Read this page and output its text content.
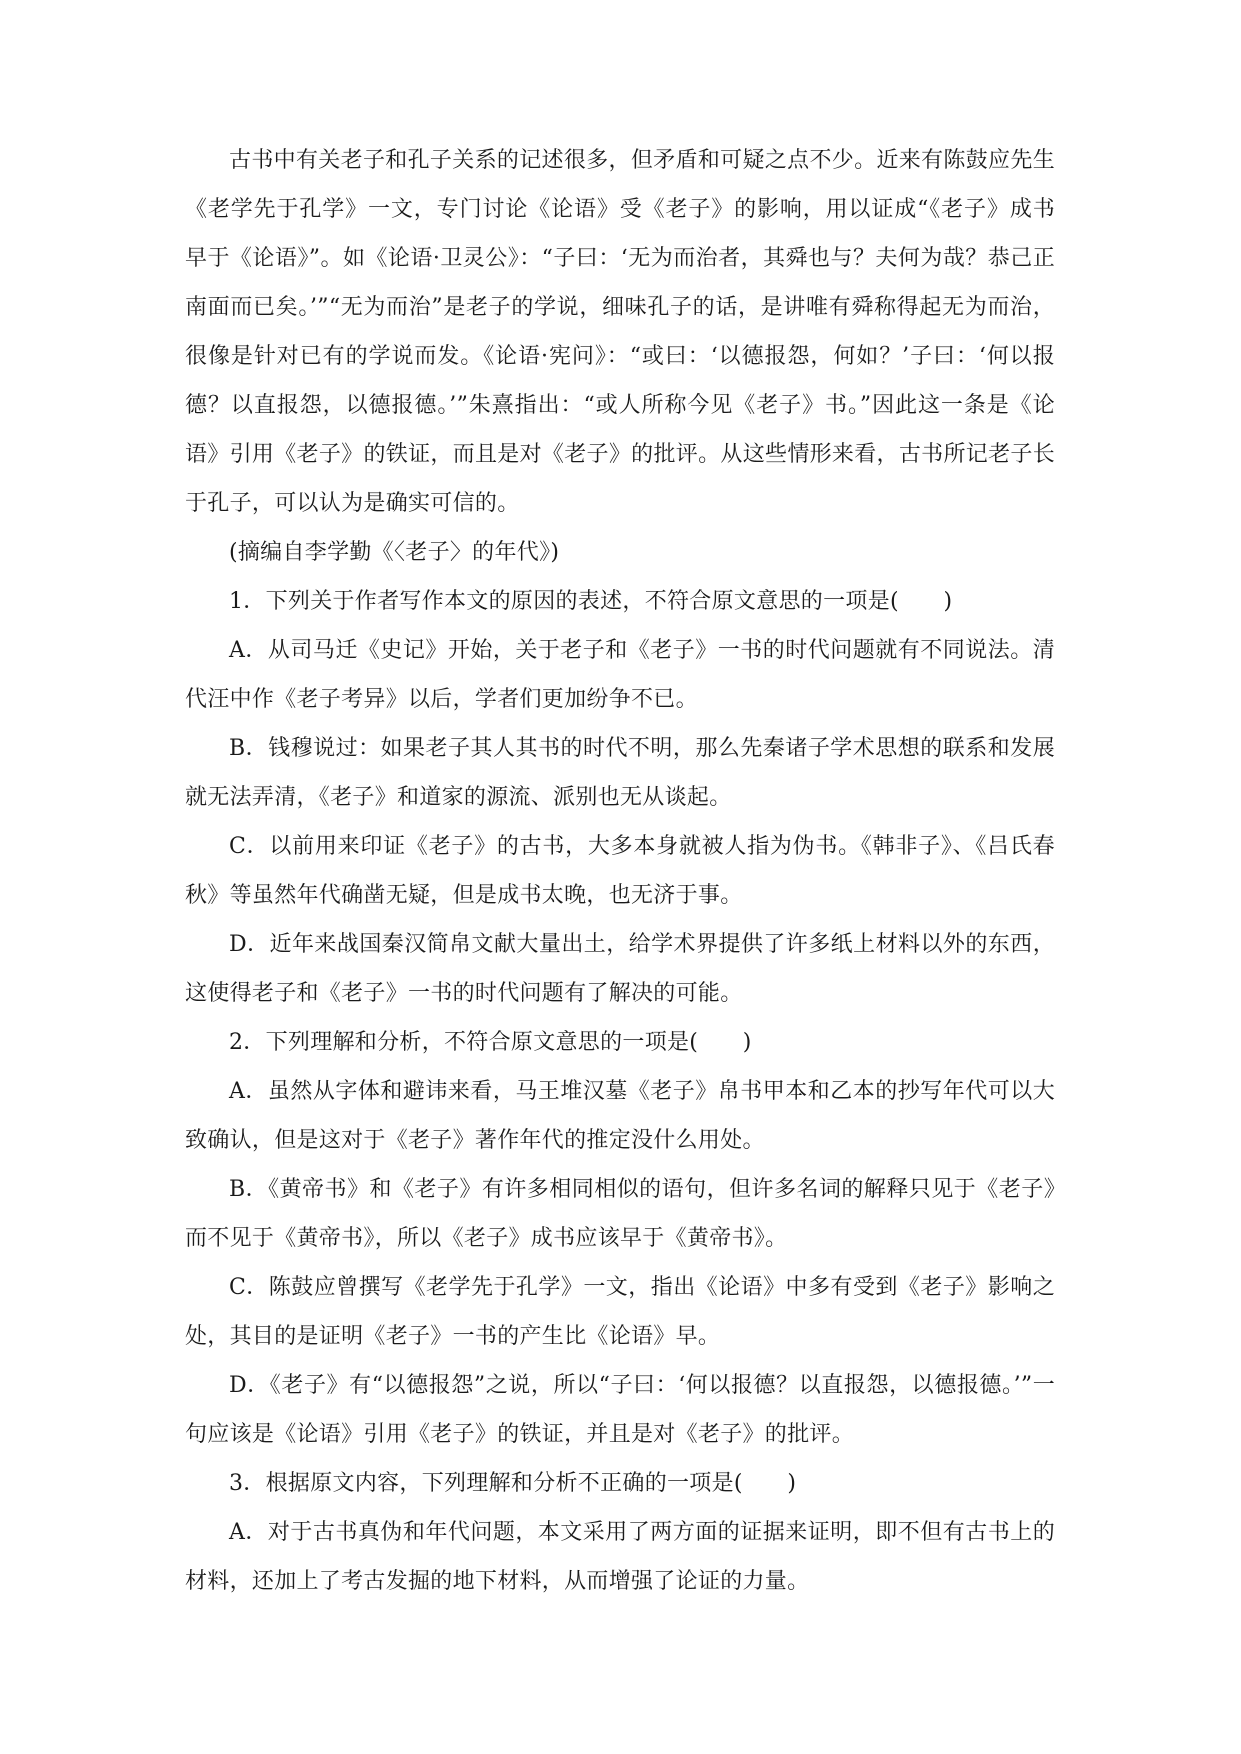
古书中有关老子和孔子关系的记述很多，但矛盾和可疑之点不少。近来有陈鼓应先生《老学先于孔学》一文，专门讨论《论语》受《老子》的影响，用以证成“《老子》成书早于《论语》”。如《论语·卫灵公》：“子曰：‘无为而治者，其舜也与？夫何为哉？恭己正南面而已矣。’”“无为而治”是老子的学说，细味孔子的话，是讲唯有舜称得起无为而治，很像是针对已有的学说而发。《论语·宪问》：“或曰：‘以德报怨，何如？’子曰：‘何以报德？以直报怨，以德报德。’”朱熹指出：“或人所称今见《老子》书。”因此这一条是《论语》引用《老子》的铁证，而且是对《老子》的批评。从这些情形来看，古书所记老子长于孔子，可以认为是确实可信的。

(摘编自李学勤《〈老子〉的年代》)

1．下列关于作者写作本文的原因的表述，不符合原文意思的一项是(　　)

A．从司马迁《史记》开始，关于老子和《老子》一书的时代问题就有不同说法。清代汪中作《老子考异》以后，学者们更加纷争不已。

B．钱穆说过：如果老子其人其书的时代不明，那么先秦诸子学术思想的联系和发展就无法弄清，《老子》和道家的源流、派别也无从谈起。

C．以前用来印证《老子》的古书，大多本身就被人指为伪书。《韩非子》、《吕氏春秋》等虽然年代确凿无疑，但是成书太晚，也无济于事。

D．近年来战国秦汉简帛文献大量出土，给学术界提供了许多纸上材料以外的东西，这使得老子和《老子》一书的时代问题有了解决的可能。

2．下列理解和分析，不符合原文意思的一项是(　　)

A．虽然从字体和避讳来看，马王堆汉墓《老子》帛书甲本和乙本的抄写年代可以大致确认，但是这对于《老子》著作年代的推定没什么用处。

B．《黄帝书》和《老子》有许多相同相似的语句，但许多名词的解释只见于《老子》而不见于《黄帝书》，所以《老子》成书应该早于《黄帝书》。

C．陈鼓应曾撰写《老学先于孔学》一文，指出《论语》中多有受到《老子》影响之处，其目的是证明《老子》一书的产生比《论语》早。

D．《老子》有“以德报怨”之说，所以“子曰：‘何以报德？以直报怨，以德报德。’”一句应该是《论语》引用《老子》的铁证，并且是对《老子》的批评。

3．根据原文内容，下列理解和分析不正确的一项是(　　)

A．对于古书真伪和年代问题，本文采用了两方面的证据来证明，即不但有古书上的材料，还加上了考古发掘的地下材料，从而增强了论证的力量。
